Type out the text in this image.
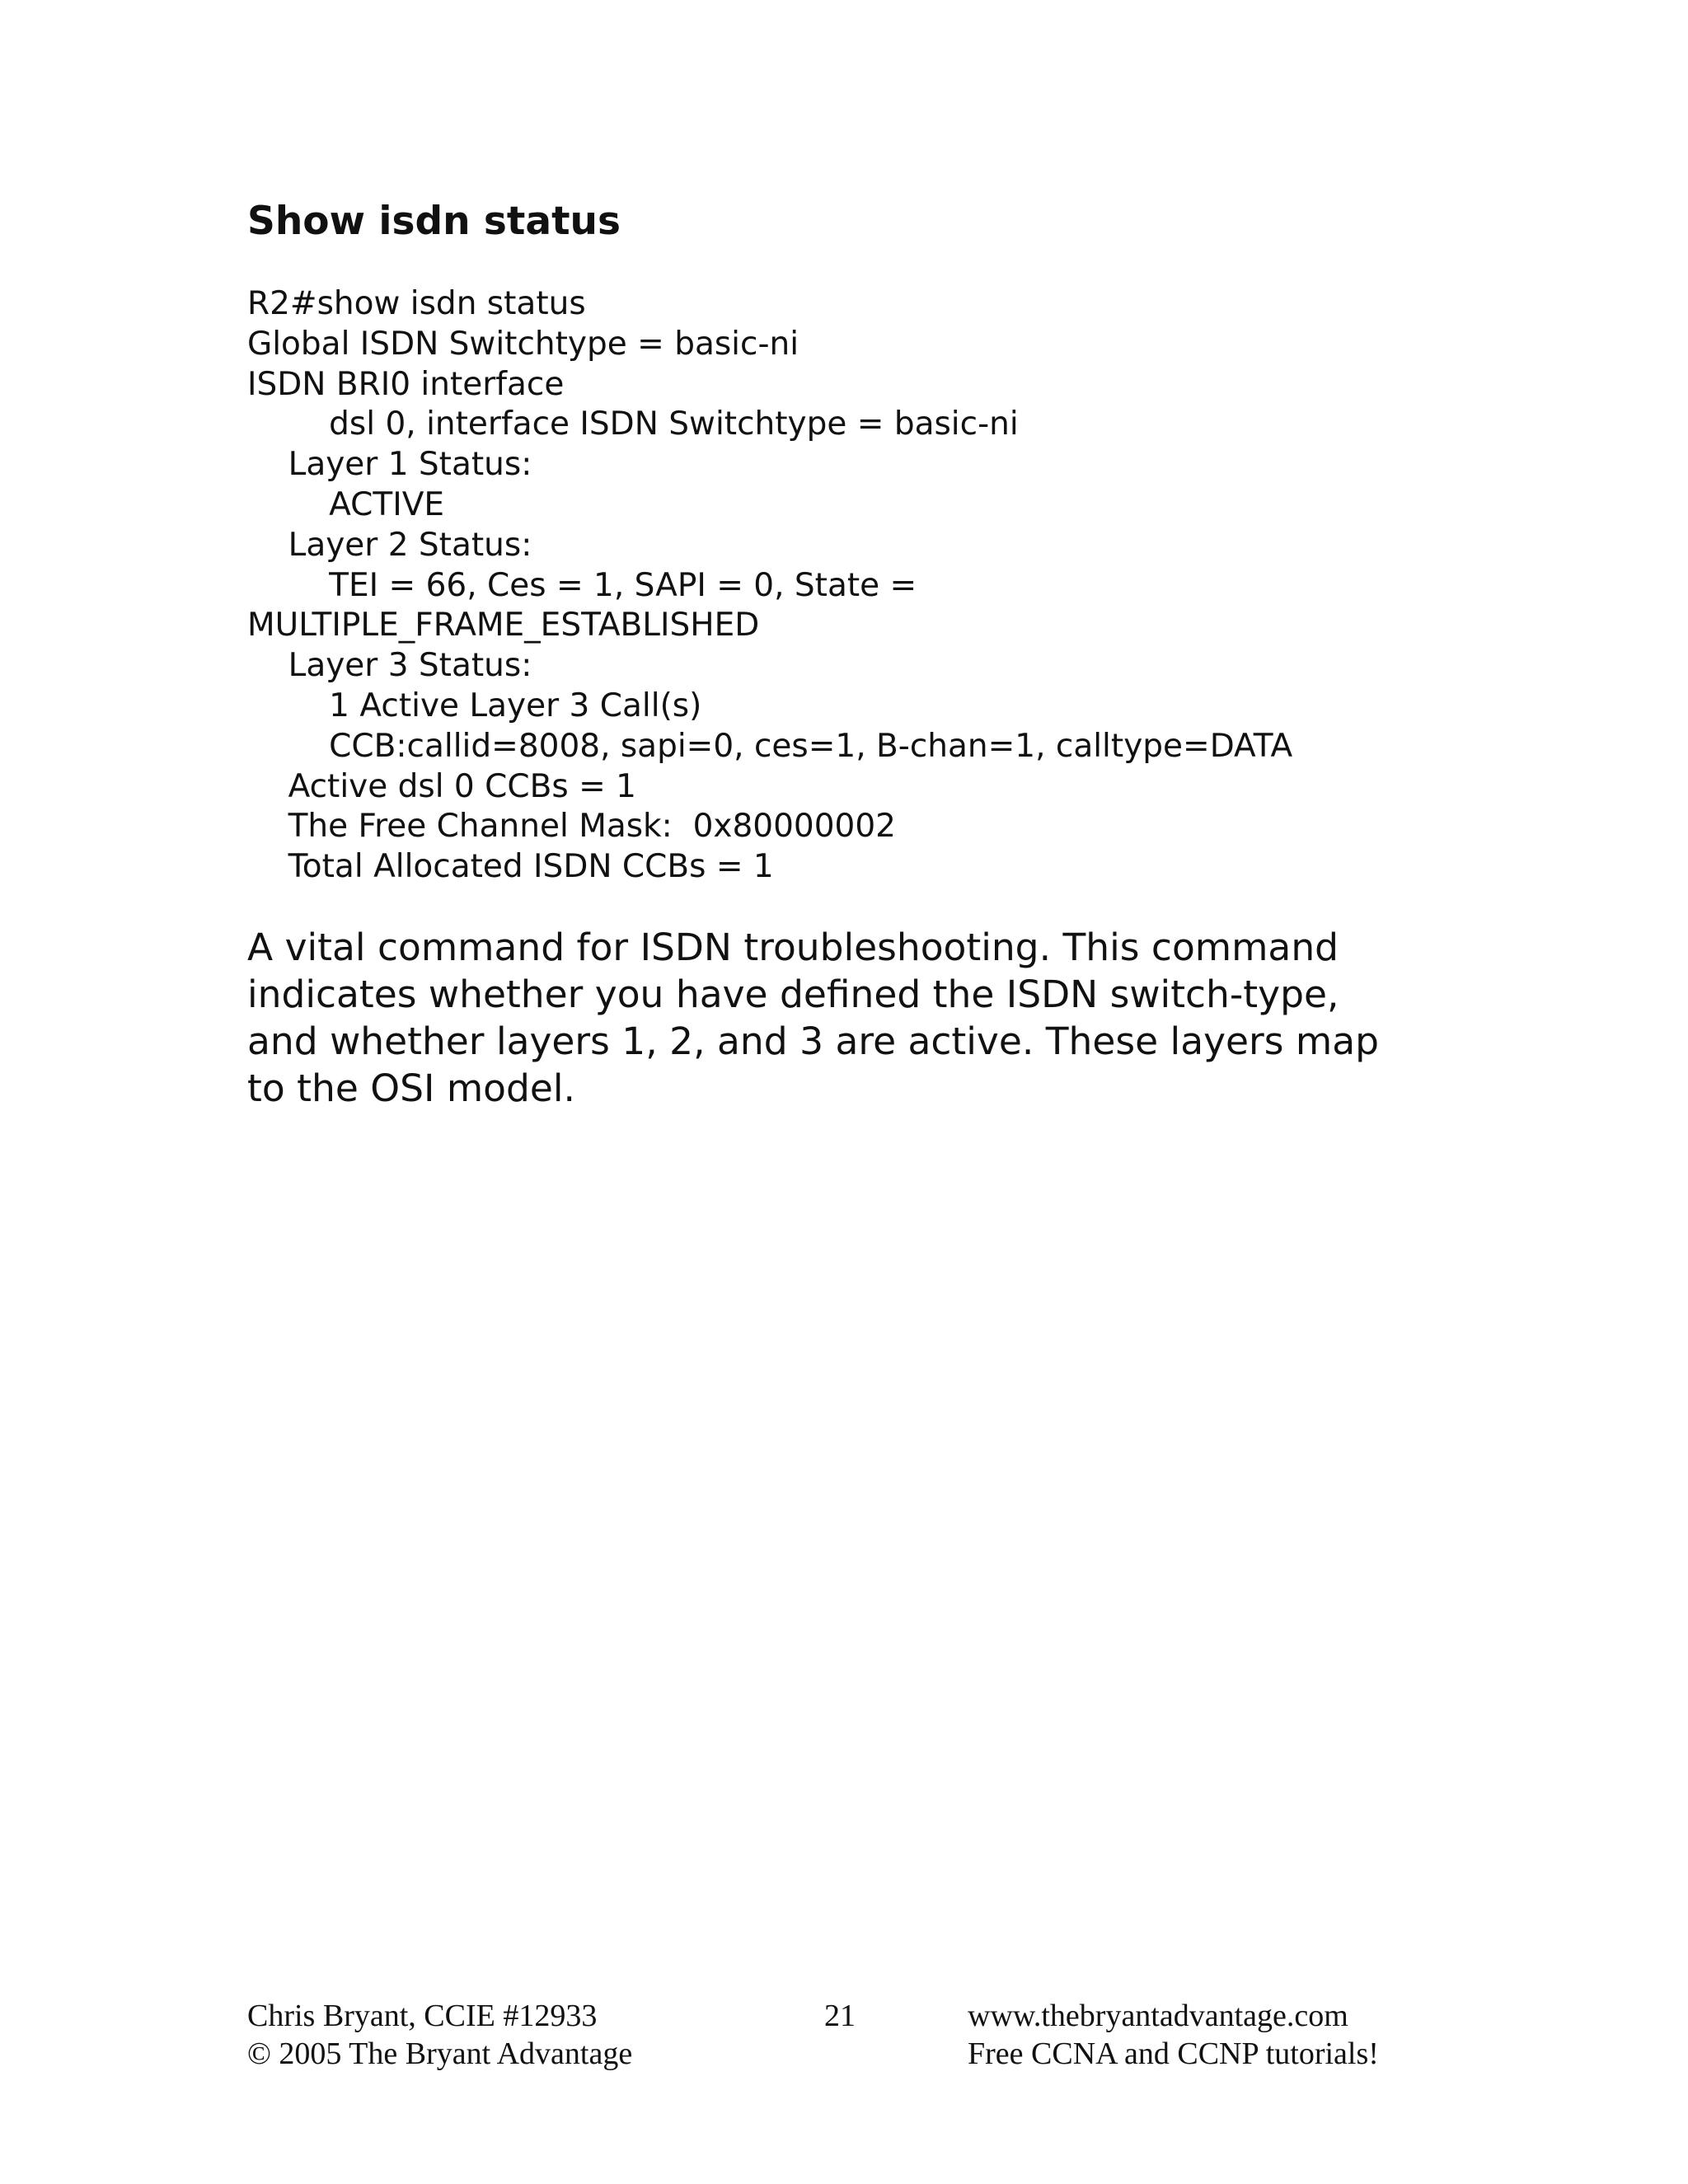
Show isdn status
R2#show isdn status
Global ISDN Switchtype = basic-ni
ISDN BRI0 interface
dsl 0, interface ISDN Switchtype = basic-ni
Layer 1 Status:
ACTIVE
Layer 2 Status:
TEI = 66, Ces = 1, SAPI = 0, State =
MULTIPLE_FRAME_ESTABLISHED
Layer 3 Status:
1 Active Layer 3 Call(s)
CCB:callid=8008, sapi=0, ces=1, B-chan=1, calltype=DATA
Active dsl 0 CCBs = 1
The Free Channel Mask:  0x80000002
Total Allocated ISDN CCBs = 1
A vital command for ISDN troubleshooting. This command
indicates whether you have defined the ISDN switch-type,
and whether layers 1, 2, and 3 are active. These layers map
to the OSI model.
Chris Bryant, CCIE #12933
© 2005 The Bryant Advantage
21	www.thebryantadvantage.com
Free CCNA and CCNP tutorials!
